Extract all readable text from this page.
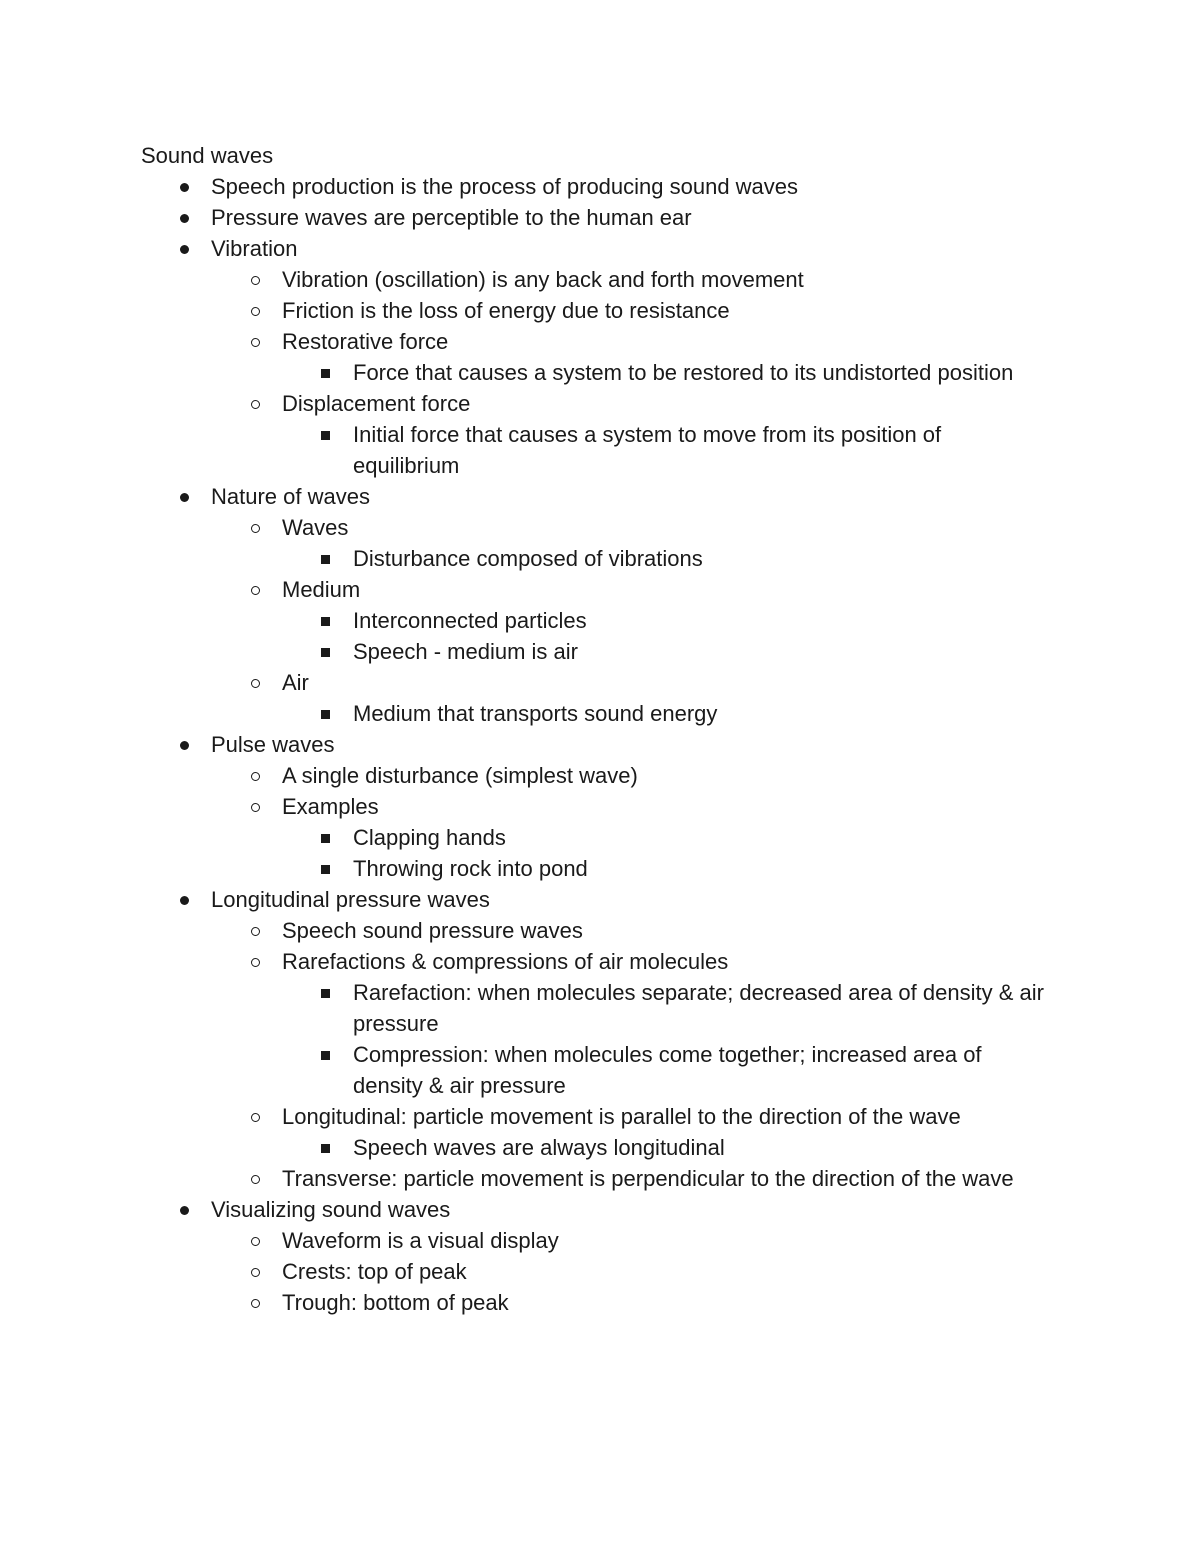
Sound waves
Speech production is the process of producing sound waves
Pressure waves are perceptible to the human ear
Vibration
Vibration (oscillation) is any back and forth movement
Friction is the loss of energy due to resistance
Restorative force
Force that causes a system to be restored to its undistorted position
Displacement force
Initial force that causes a system to move from its position of equilibrium
Nature of waves
Waves
Disturbance composed of vibrations
Medium
Interconnected particles
Speech - medium is air
Air
Medium that transports sound energy
Pulse waves
A single disturbance (simplest wave)
Examples
Clapping hands
Throwing rock into pond
Longitudinal pressure waves
Speech sound pressure waves
Rarefactions & compressions of air molecules
Rarefaction: when molecules separate; decreased area of density & air pressure
Compression: when molecules come together; increased area of density & air pressure
Longitudinal: particle movement is parallel to the direction of the wave
Speech waves are always longitudinal
Transverse: particle movement is perpendicular to the direction of the wave
Visualizing sound waves
Waveform is a visual display
Crests: top of peak
Trough: bottom of peak
